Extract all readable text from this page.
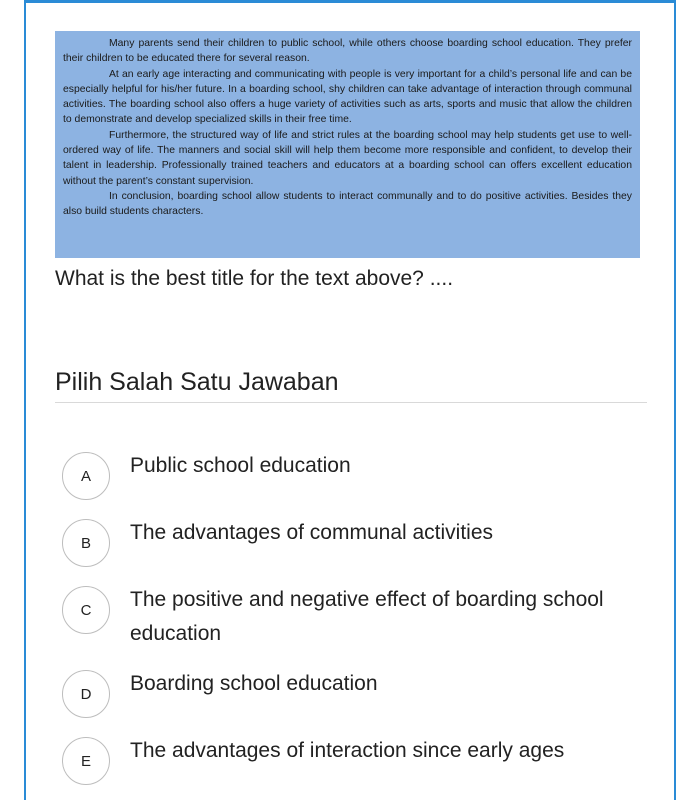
Many parents send their children to public school, while others choose boarding school education. They prefer their children to be educated there for several reason.

At an early age interacting and communicating with people is very important for a child’s personal life and can be especially helpful for his/her future. In a boarding school, shy children can take advantage of interaction through communal activities. The boarding school also offers a huge variety of activities such as arts, sports and music that allow the children to demonstrate and develop specialized skills in their free time.

Furthermore, the structured way of life and strict rules at the boarding school may help students get use to well-ordered way of life. The manners and social skill will help them become more responsible and confident, to develop their talent in leadership. Professionally trained teachers and educators at a boarding school can offers excellent education without the parent’s constant supervision.

In conclusion, boarding school allow students to interact communally and to do positive activities. Besides they also build students characters.

What is the best title for the text above? ....
Pilih Salah Satu Jawaban
A	Public school education
B	The advantages of communal activities
C	The positive and negative effect of boarding school education
D	Boarding school education
E	The advantages of interaction since early ages
